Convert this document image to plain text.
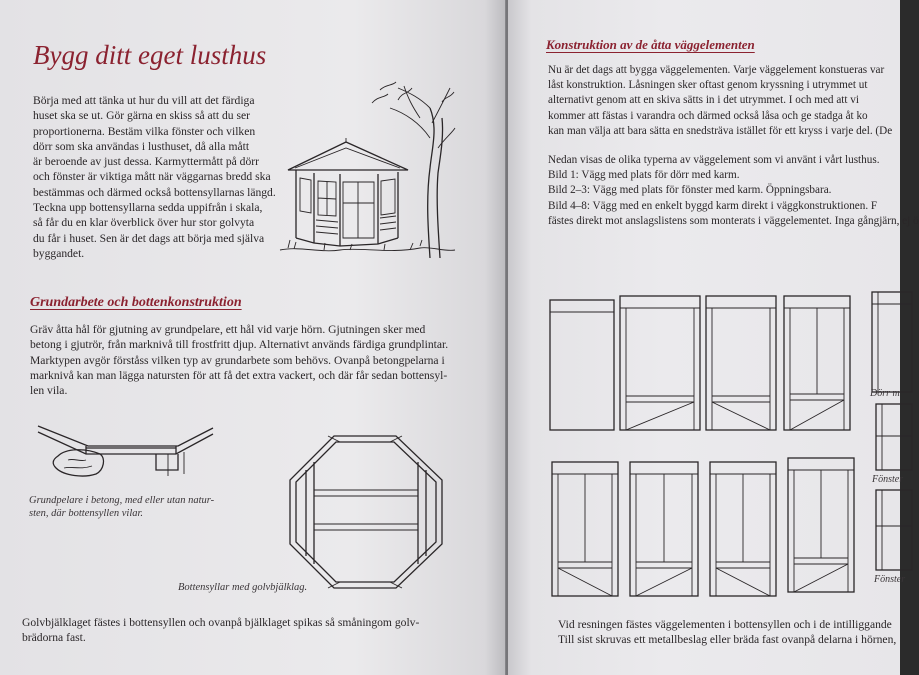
Bygg ditt eget lusthus
Börja med att tänka ut hur du vill att det färdiga
huset ska se ut. Gör gärna en skiss så att du ser
proportionerna. Bestäm vilka fönster och vilken
dörr som ska användas i lusthuset, då alla mått
är beroende av just dessa. Karmyttermått på dörr
och fönster är viktiga mått när väggarnas bredd ska
bestämmas och därmed också bottensyllarnas längd.
Teckna upp bottensyllarna sedda uppifrån i skala,
så får du en klar överblick över hur stor golvyta
du får i huset. Sen är det dags att börja med själva
byggandet.
Grundarbete och bottenkonstruktion
Gräv åtta hål för gjutning av grundpelare, ett hål vid varje hörn. Gjutningen sker med
betong i gjutrör, från marknivå till frostfritt djup. Alternativt används färdiga grundplintar.
Marktypen avgör förståss vilken typ av grundarbete som behövs. Ovanpå betongpelarna i
marknivå kan man lägga natursten för att få det extra vackert, och där får sedan bottensyl-
len vila.
Grundpelare i betong, med eller utan natur-
sten, där bottensyllen vilar.
Bottensyllar med golvbjälklag.
Golvbjälklaget fästes i bottensyllen och ovanpå bjälklaget spikas så småningom golv-
brädorna fast.
Konstruktion av de åtta väggelementen
Nu är det dags att bygga väggelementen. Varje väggelement konstueras var
låst konstruktion. Låsningen sker oftast genom kryssning i utrymmet ut
alternativt genom att en skiva sätts in i det utrymmet. I och med att vi
kommer att fästas i varandra och därmed också låsa och ge stadga åt ko
kan man välja att bara sätta en snedsträva istället för ett kryss i varje del. (De
Nedan visas de olika typerna av väggelement som vi använt i vårt lusthus.
Bild 1: Vägg med plats för dörr med karm.
Bild 2–3: Vägg med plats för fönster med karm. Öppningsbara.
Bild 4–8: Vägg med en enkelt byggd karm direkt i väggkonstruktionen. F
fästes direkt mot anslagslistens som monterats i väggelementet. Inga gångjärn, ej ö
Dörr m
Fönster
Fönster
Vid resningen fästes väggelementen i bottensyllen och i de intilliggande
Till sist skruvas ett metallbeslag eller bräda fast ovanpå delarna i hörnen,
